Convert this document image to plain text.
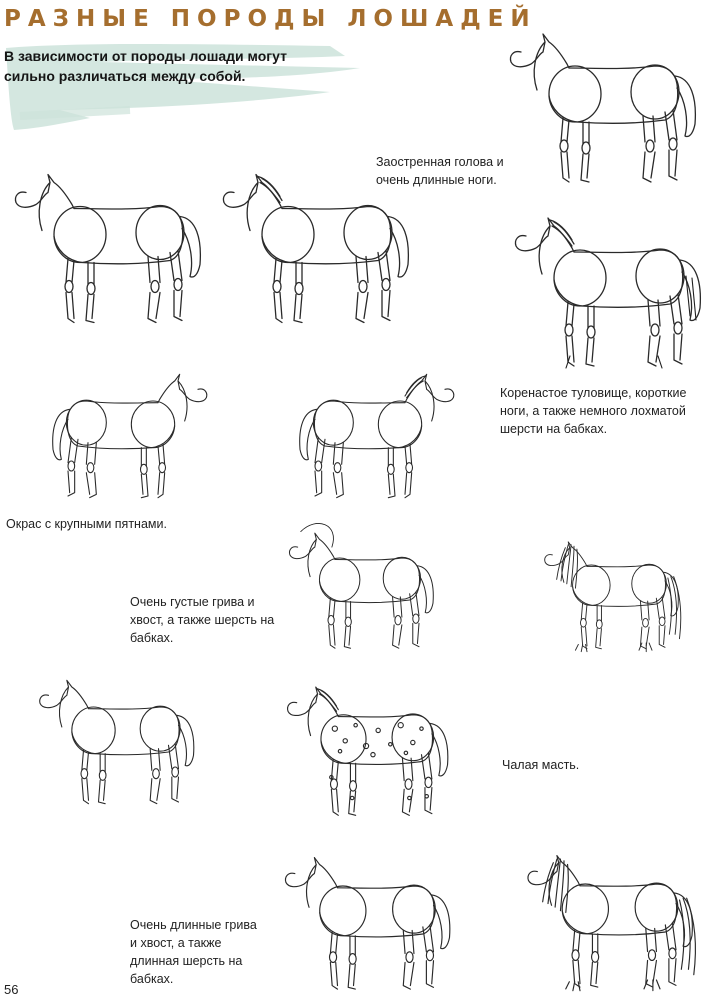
РАЗНЫЕ ПОРОДЫ ЛОШАДЕЙ
В зависимости от породы лошади могут сильно различаться между собой.
Заостренная голова и очень длинные ноги.
Коренастое туловище, короткие ноги, а также немного лохматой шерсти на бабках.
Окрас с крупными пятнами.
Очень густые грива и хвост, а также шерсть на бабках.
Чалая масть.
Очень длинные грива и хвост, а также длинная шерсть на бабках.
56
